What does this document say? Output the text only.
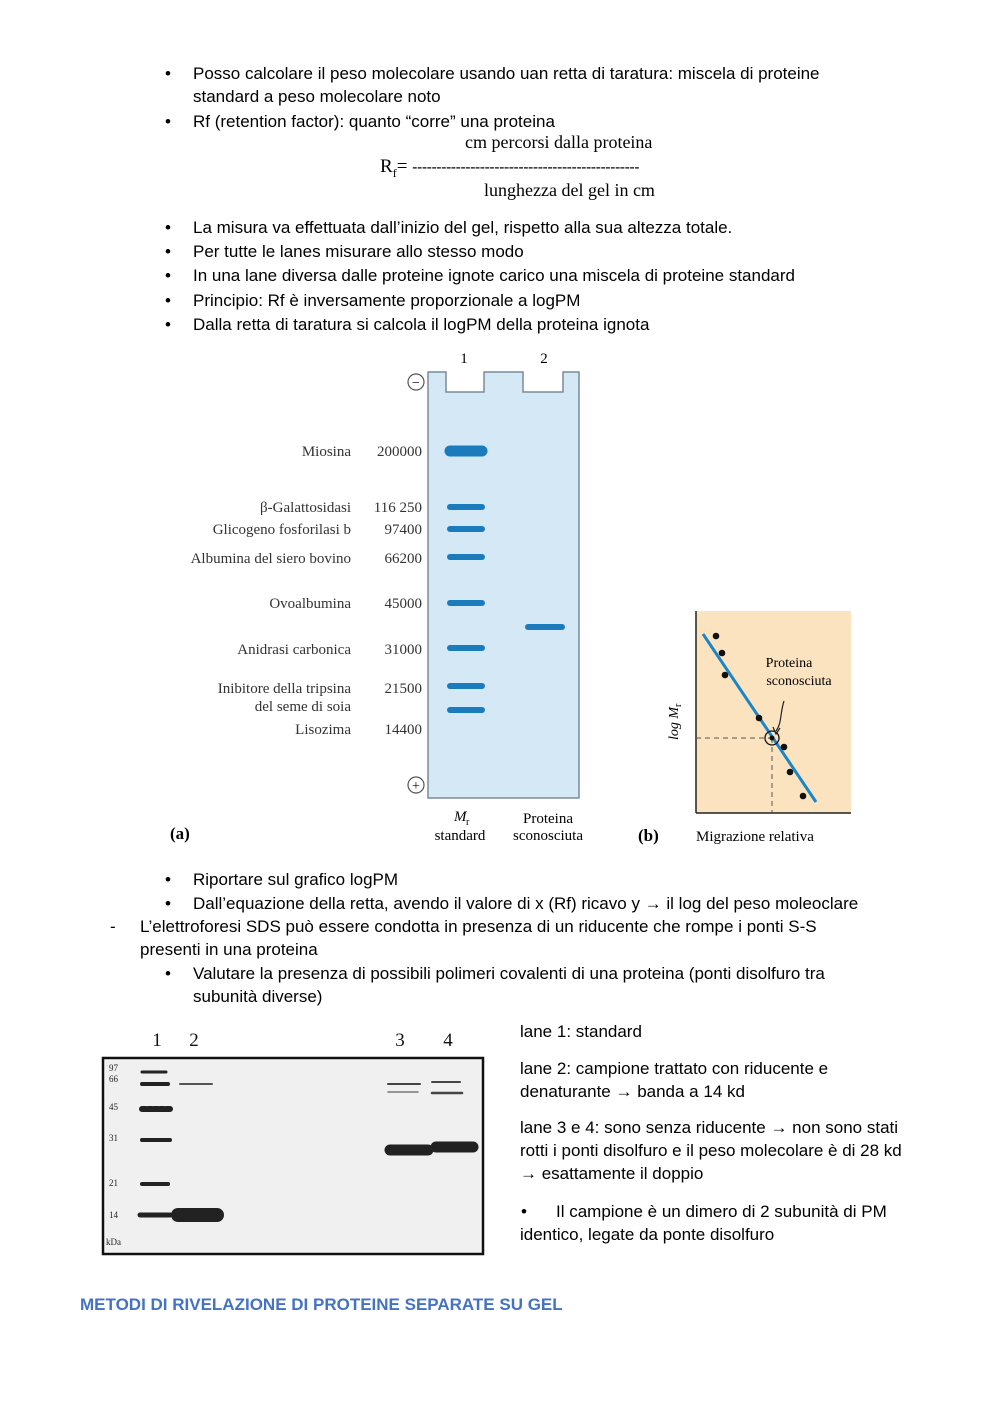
• Posso calcolare il peso molecolare usando uan retta di taratura: miscela di proteine
standard a peso molecolare noto
• Rf (retention factor): quanto “corre” una proteina
cm percorsi dalla proteina
$R_f=$ -----------------------------------------------
lunghezza del gel in cm
• La misura va effettuata dall’inizio del gel, rispetto alla sua altezza totale.
• Per tutte le lanes misurare allo stesso modo
• In una lane diversa dalle proteine ignote carico una miscela di proteine standard
• Principio: Rf è inversamente proporzionale a logPM
• Dalla retta di taratura si calcola il logPM della proteina ignota
1	2
−
+
Miosina 200000
β-Galattosidasi 116 250
Glicogeno fosforilasi b 97400
Albumina del siero bovino 66200
Ovoalbumina 45000
Anidrasi carbonica 31000
Inibitore della tripsina 21500
del seme di soia
Lisozima 14400
(a)
M r
standard
Proteina
sconosciuta
Proteina
sconosciuta
$\log M_r$
(b) Migrazione relativa
• Riportare sul grafico logPM
• Dall’equazione della retta, avendo il valore di x (Rf) ricavo y → il log del peso moleoclare
- L’elettroforesi SDS può essere condotta in presenza di un riducente che rompe i ponti S-S
presenti in una proteina
• Valutare la presenza di possibili polimeri covalenti di una proteina (ponti disolfuro tra
subunità diverse)
1 2	3 4
97
66
45
31
21
14
kDa
lane 1: standard
lane 2: campione trattato con riducente e
denaturante → banda a 14 kd
lane 3 e 4: sono senza riducente → non sono stati
rotti i ponti disolfuro e il peso molecolare è di 28 kd
→ esattamente il doppio
• Il campione è un dimero di 2 subunità di PM
identico, legate da ponte disolfuro
METODI DI RIVELAZIONE DI PROTEINE SEPARATE SU GEL
